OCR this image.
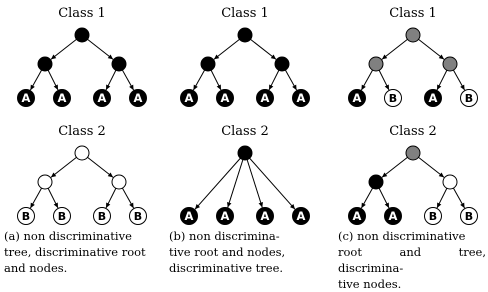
A A	A A
B	B	B	B
A A	A A
A A	A A
A B	A B
A A	B	B
Class 1
Class 2
Class 1
Class 2
Class 1
Class 2
(a) non discriminative
tree, discriminative root
and nodes.
(b) non discrimina-
tive root and nodes,
discriminative tree.
(c) non discriminative
root and tree, discrimina-
tive nodes.
